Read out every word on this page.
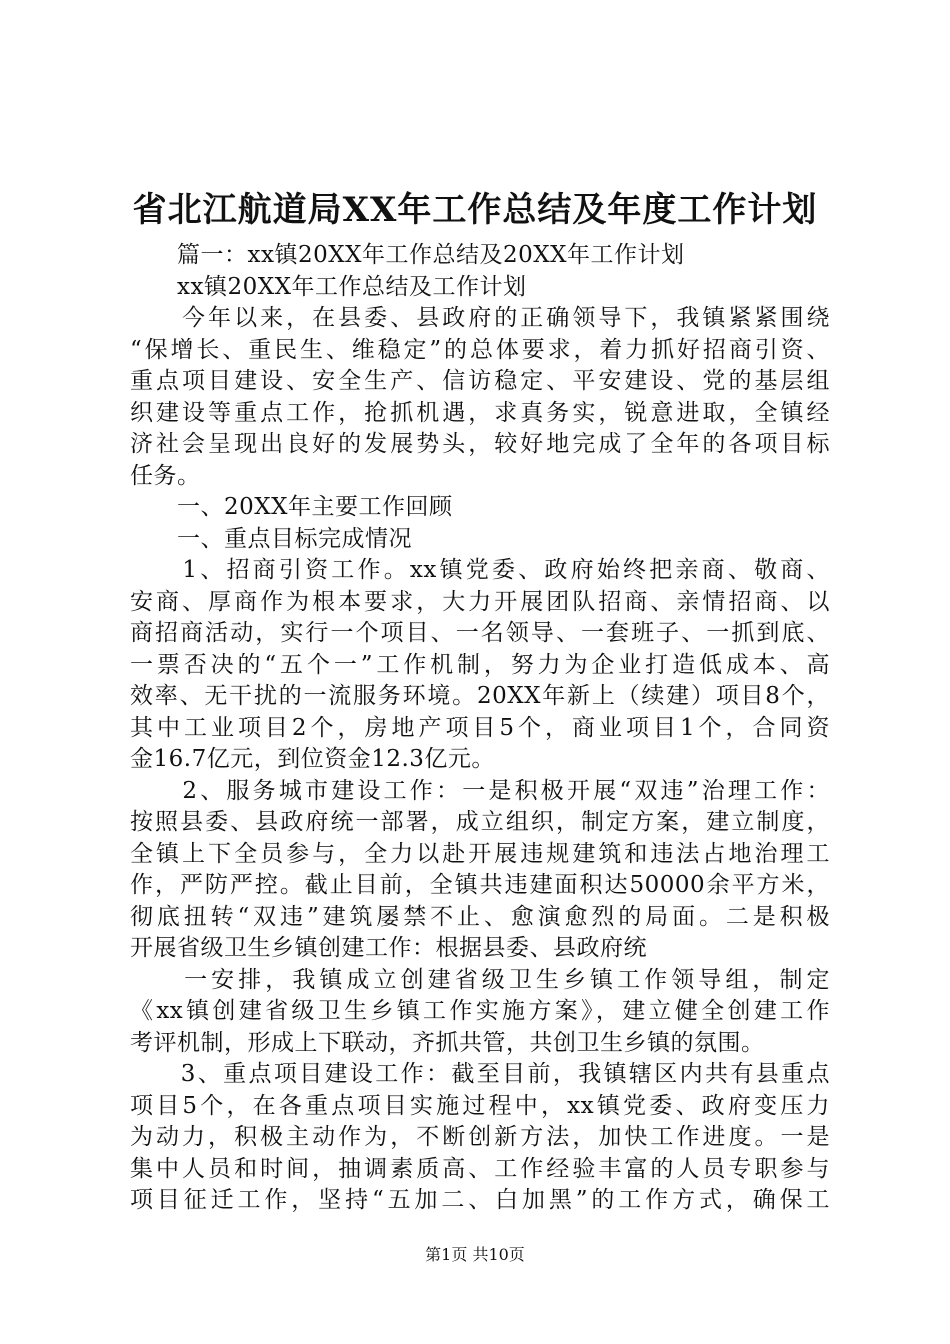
省北江航道局XX年工作总结及年度工作计划
　　篇一：xx镇20XX年工作总结及20XX年工作计划
　　xx镇20XX年工作总结及工作计划
　　今年以来，在县委、县政府的正确领导下，我镇紧紧围绕
“保增长、重民生、维稳定”的总体要求，着力抓好招商引资、
重点项目建设、安全生产、信访稳定、平安建设、党的基层组
织建设等重点工作，抢抓机遇，求真务实，锐意进取，全镇经
济社会呈现出良好的发展势头，较好地完成了全年的各项目标
任务。
　　一、20XX年主要工作回顾
　　一、重点目标完成情况
　　1、招商引资工作。xx镇党委、政府始终把亲商、敬商、
安商、厚商作为根本要求，大力开展团队招商、亲情招商、以
商招商活动，实行一个项目、一名领导、一套班子、一抓到底、
一票否决的“五个一”工作机制，努力为企业打造低成本、高
效率、无干扰的一流服务环境。20XX年新上（续建）项目8个，
其中工业项目2个，房地产项目5个，商业项目1个，合同资
金16.7亿元，到位资金12.3亿元。
　　2、服务城市建设工作：一是积极开展“双违”治理工作：
按照县委、县政府统一部署，成立组织，制定方案，建立制度，
全镇上下全员参与，全力以赴开展违规建筑和违法占地治理工
作，严防严控。截止目前，全镇共违建面积达50000余平方米，
彻底扭转“双违”建筑屡禁不止、愈演愈烈的局面。二是积极
开展省级卫生乡镇创建工作：根据县委、县政府统
　　一安排，我镇成立创建省级卫生乡镇工作领导组，制定
《xx镇创建省级卫生乡镇工作实施方案》，建立健全创建工作
考评机制，形成上下联动，齐抓共管，共创卫生乡镇的氛围。
　　3、重点项目建设工作：截至目前，我镇辖区内共有县重点
项目5个，在各重点项目实施过程中，xx镇党委、政府变压力
为动力，积极主动作为，不断创新方法，加快工作进度。一是
集中人员和时间，抽调素质高、工作经验丰富的人员专职参与
项目征迁工作，坚持“五加二、白加黑”的工作方式，确保工
第1页 共10页
